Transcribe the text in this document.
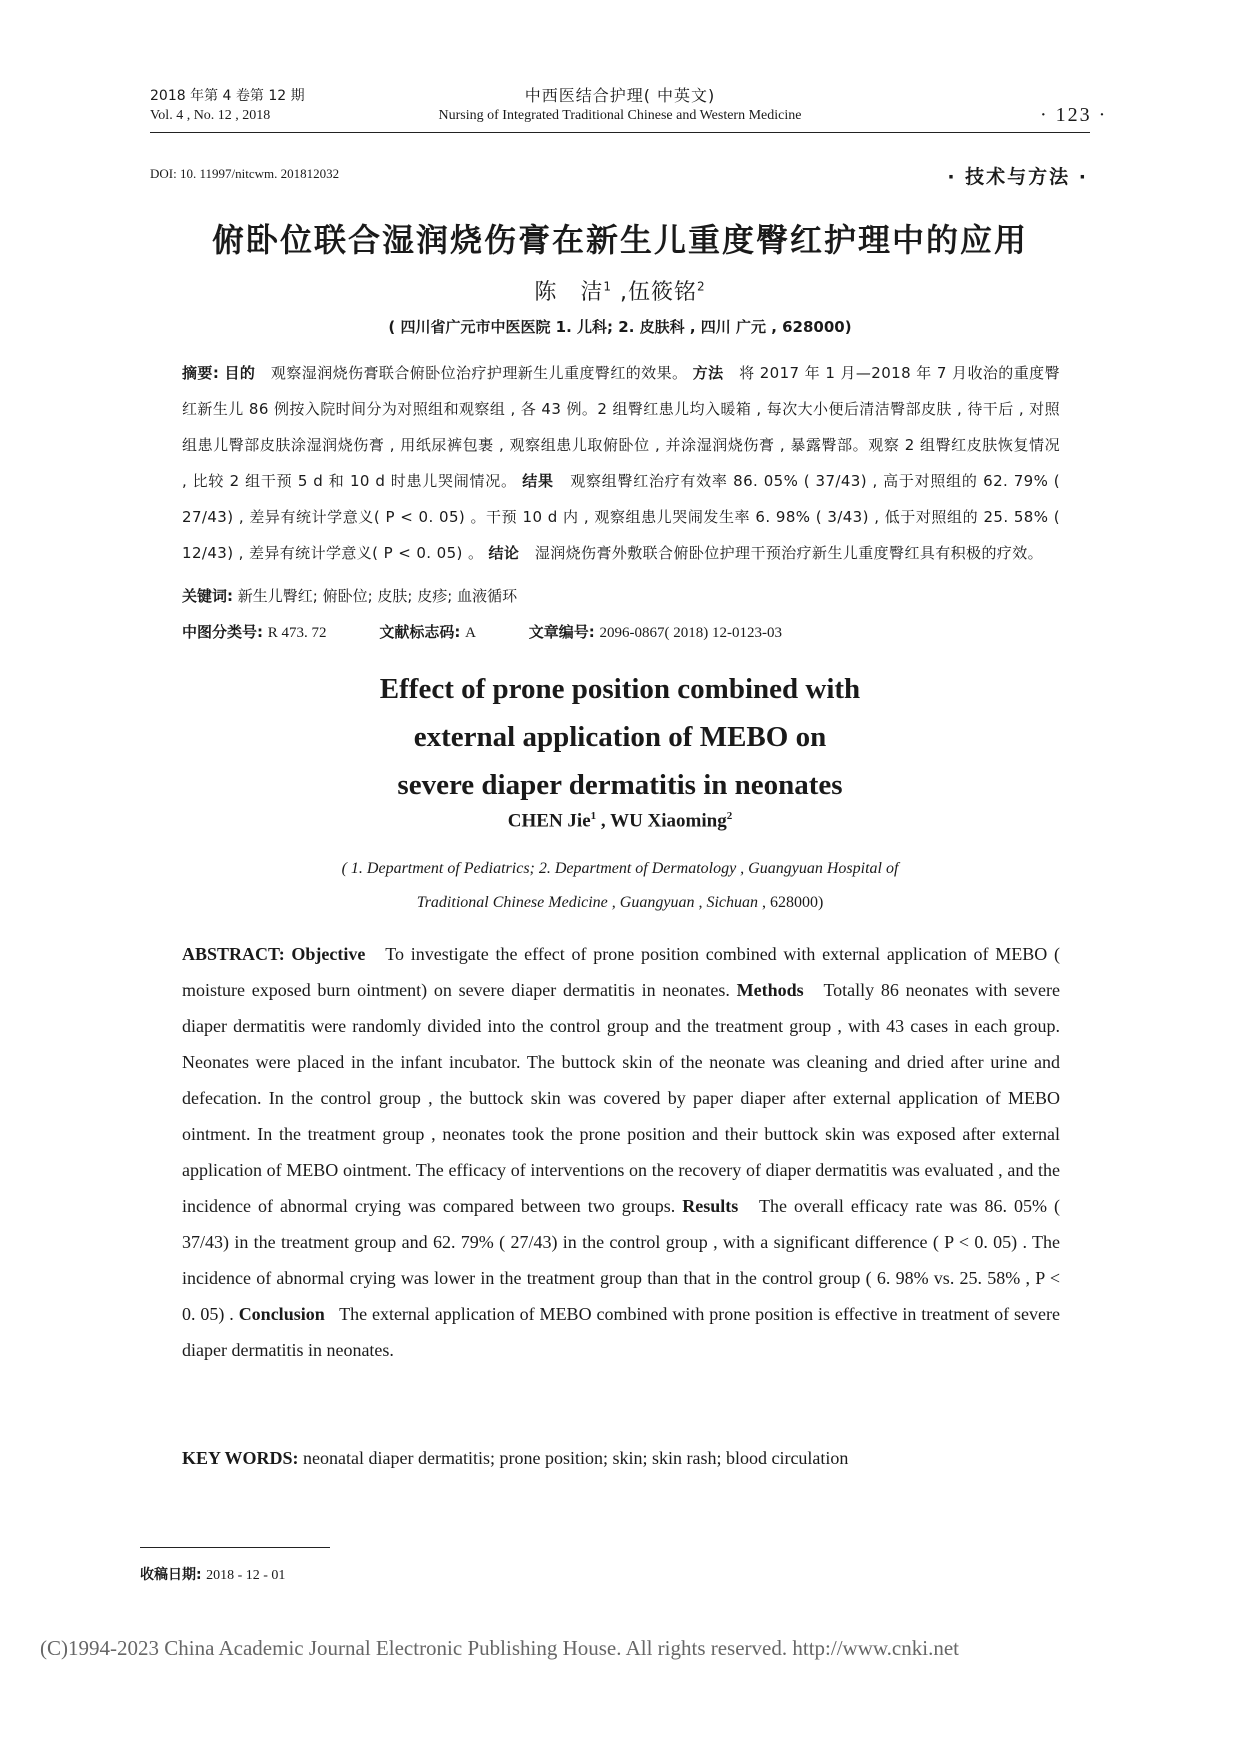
2018 年第 4 卷第 12 期
Vol. 4 , No. 12 , 2018
中西医结合护理( 中英文)
Nursing of Integrated Traditional Chinese and Western Medicine	· 123 ·
DOI: 10. 11997/nitcwm. 201812032	· 技术与方法 ·
俯卧位联合湿润烧伤膏在新生儿重度臀红护理中的应用
陈　洁$^1$ ,伍筱铭$^2$
( 四川省广元市中医医院 1. 儿科; 2. 皮肤科 , 四川 广元 , 628000)
摘要: 目的 观察湿润烧伤膏联合俯卧位治疗护理新生儿重度臀红的效果。 方法 将 2017 年 1 月—2018 年 7 月收治的重度臀红新生儿 86 例按入院时间分为对照组和观察组 , 各 43 例。2 组臀红患儿均入暖箱 , 每次大小便后清洁臀部皮肤 , 待干后 , 对照组患儿臀部皮肤涂湿润烧伤膏 , 用纸尿裤包裹 , 观察组患儿取俯卧位 , 并涂湿润烧伤膏 , 暴露臀部。观察 2 组臀红皮肤恢复情况 , 比较 2 组干预 5 d 和 10 d 时患儿哭闹情况。 结果 观察组臀红治疗有效率 86. 05% ( 37/43) , 高于对照组的 62. 79% ( 27/43) , 差异有统计学意义( P < 0. 05) 。干预 10 d 内 , 观察组患儿哭闹发生率 6. 98% ( 3/43) , 低于对照组的 25. 58% ( 12/43) , 差异有统计学意义( P < 0. 05) 。 结论 湿润烧伤膏外敷联合俯卧位护理干预治疗新生儿重度臀红具有积极的疗效。
关键词: 新生儿臀红; 俯卧位; 皮肤; 皮疹; 血液循环
中图分类号: R 473. 72	文献标志码: A	文章编号: 2096-0867( 2018) 12-0123-03
Effect of prone position combined with
external application of MEBO on
severe diaper dermatitis in neonates
CHEN Jie$^1$ , WU Xiaoming$^2$
( 1. Department of Pediatrics; 2. Department of Dermatology , Guangyuan Hospital of
Traditional Chinese Medicine , Guangyuan , Sichuan , 628000)
ABSTRACT: Objective To investigate the effect of prone position combined with external application of MEBO ( moisture exposed burn ointment) on severe diaper dermatitis in neonates. Methods Totally 86 neonates with severe diaper dermatitis were randomly divided into the control group and the treatment group , with 43 cases in each group. Neonates were placed in the infant incubator. The buttock skin of the neonate was cleaning and dried after urine and defecation. In the control group , the buttock skin was covered by paper diaper after external application of MEBO ointment. In the treatment group , neonates took the prone position and their buttock skin was exposed after external application of MEBO ointment. The efficacy of interventions on the recovery of diaper dermatitis was evaluated , and the incidence of abnormal crying was compared between two groups. Results The overall efficacy rate was 86. 05% ( 37/43) in the treatment group and 62. 79% ( 27/43) in the control group , with a significant difference ( P < 0. 05) . The incidence of abnormal crying was lower in the treatment group than that in the control group ( 6. 98% vs. 25. 58% , P < 0. 05) . Conclusion The external application of MEBO combined with prone position is effective in treatment of severe diaper dermatitis in neonates.
KEY WORDS: neonatal diaper dermatitis; prone position; skin; skin rash; blood circulation
收稿日期: 2018 - 12 - 01
(C)1994-2023 China Academic Journal Electronic Publishing House. All rights reserved. http://www.cnki.net
